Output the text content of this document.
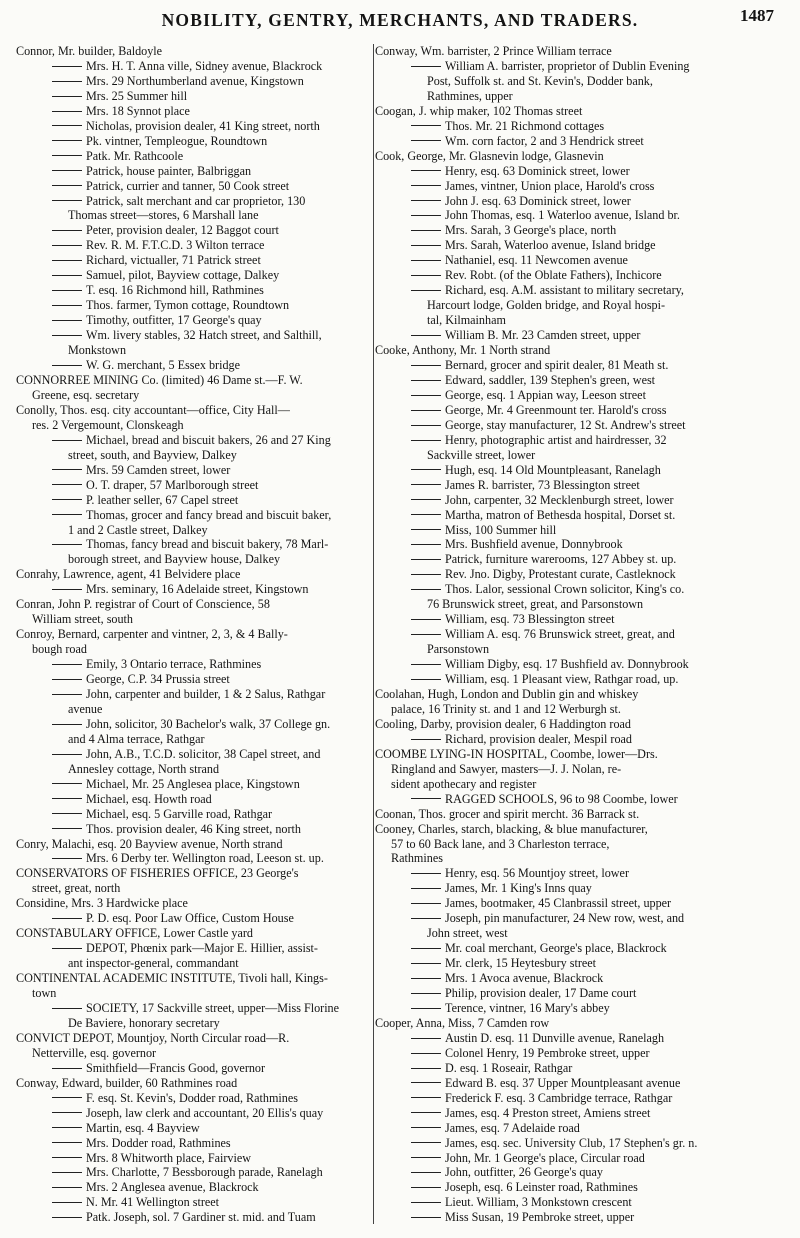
NOBILITY, GENTRY, MERCHANTS, AND TRADERS.	1487
Connor, Mr. builder, Baldoyle
Mrs. H. T. Anna ville, Sidney avenue, Blackrock
Mrs. 29 Northumberland avenue, Kingstown
Mrs. 25 Summer hill
Mrs. 18 Synnot place
Nicholas, provision dealer, 41 King street, north
Pk. vintner, Templeogue, Roundtown
Patk. Mr. Rathcoole
Patrick, house painter, Balbriggan
Patrick, currier and tanner, 50 Cook street
Patrick, salt merchant and car proprietor, 130
Thomas street—stores, 6 Marshall lane
Peter, provision dealer, 12 Baggot court
Rev. R. M. F.T.C.D. 3 Wilton terrace
Richard, victualler, 71 Patrick street
Samuel, pilot, Bayview cottage, Dalkey
T. esq. 16 Richmond hill, Rathmines
Thos. farmer, Tymon cottage, Roundtown
Timothy, outfitter, 17 George's quay
Wm. livery stables, 32 Hatch street, and Salthill,
Monkstown
W. G. merchant, 5 Essex bridge
CONNORREE MINING Co. (limited) 46 Dame st.—F. W.
Greene, esq. secretary
Conolly, Thos. esq. city accountant—office, City Hall—
res. 2 Vergemount, Clonskeagh
Michael, bread and biscuit bakers, 26 and 27 King
street, south, and Bayview, Dalkey
Mrs. 59 Camden street, lower
O. T. draper, 57 Marlborough street
P. leather seller, 67 Capel street
Thomas, grocer and fancy bread and biscuit baker,
1 and 2 Castle street, Dalkey
Thomas, fancy bread and biscuit bakery, 78 Marl-
borough street, and Bayview house, Dalkey
Conrahy, Lawrence, agent, 41 Belvidere place
Mrs. seminary, 16 Adelaide street, Kingstown
Conran, John P. registrar of Court of Conscience, 58
William street, south
Conroy, Bernard, carpenter and vintner, 2, 3, & 4 Bally-
bough road
Emily, 3 Ontario terrace, Rathmines
George, C.P. 34 Prussia street
John, carpenter and builder, 1 & 2 Salus, Rathgar
avenue
John, solicitor, 30 Bachelor's walk, 37 College gn.
and 4 Alma terrace, Rathgar
John, A.B., T.C.D. solicitor, 38 Capel street, and
Annesley cottage, North strand
Michael, Mr. 25 Anglesea place, Kingstown
Michael, esq. Howth road
Michael, esq. 5 Garville road, Rathgar
Thos. provision dealer, 46 King street, north
Conry, Malachi, esq. 20 Bayview avenue, North strand
Mrs. 6 Derby ter. Wellington road, Leeson st. up.
CONSERVATORS OF FISHERIES OFFICE, 23 George's
street, great, north
Considine, Mrs. 3 Hardwicke place
P. D. esq. Poor Law Office, Custom House
CONSTABULARY OFFICE, Lower Castle yard
DEPOT, Phœnix park—Major E. Hillier, assist-
ant inspector-general, commandant
CONTINENTAL ACADEMIC INSTITUTE, Tivoli hall, Kings-
town
SOCIETY, 17 Sackville street, upper—Miss Florine
De Baviere, honorary secretary
CONVICT DEPOT, Mountjoy, North Circular road—R.
Netterville, esq. governor
Smithfield—Francis Good, governor
Conway, Edward, builder, 60 Rathmines road
F. esq. St. Kevin's, Dodder road, Rathmines
Joseph, law clerk and accountant, 20 Ellis's quay
Martin, esq. 4 Bayview
Mrs. Dodder road, Rathmines
Mrs. 8 Whitworth place, Fairview
Mrs. Charlotte, 7 Bessborough parade, Ranelagh
Mrs. 2 Anglesea avenue, Blackrock
N. Mr. 41 Wellington street
Patk. Joseph, sol. 7 Gardiner st. mid. and Tuam
Conway, Wm. barrister, 2 Prince William terrace
William A. barrister, proprietor of Dublin Evening
Post, Suffolk st. and St. Kevin's, Dodder bank,
Rathmines, upper
Coogan, J. whip maker, 102 Thomas street
Thos. Mr. 21 Richmond cottages
Wm. corn factor, 2 and 3 Hendrick street
Cook, George, Mr. Glasnevin lodge, Glasnevin
Henry, esq. 63 Dominick street, lower
James, vintner, Union place, Harold's cross
John J. esq. 63 Dominick street, lower
John Thomas, esq. 1 Waterloo avenue, Island br.
Mrs. Sarah, 3 George's place, north
Mrs. Sarah, Waterloo avenue, Island bridge
Nathaniel, esq. 11 Newcomen avenue
Rev. Robt. (of the Oblate Fathers), Inchicore
Richard, esq. A.M. assistant to military secretary,
Harcourt lodge, Golden bridge, and Royal hospi-
tal, Kilmainham
William B. Mr. 23 Camden street, upper
Cooke, Anthony, Mr. 1 North strand
Bernard, grocer and spirit dealer, 81 Meath st.
Edward, saddler, 139 Stephen's green, west
George, esq. 1 Appian way, Leeson street
George, Mr. 4 Greenmount ter. Harold's cross
George, stay manufacturer, 12 St. Andrew's street
Henry, photographic artist and hairdresser, 32
Sackville street, lower
Hugh, esq. 14 Old Mountpleasant, Ranelagh
James R. barrister, 73 Blessington street
John, carpenter, 32 Mecklenburgh street, lower
Martha, matron of Bethesda hospital, Dorset st.
Miss, 100 Summer hill
Mrs. Bushfield avenue, Donnybrook
Patrick, furniture warerooms, 127 Abbey st. up.
Rev. Jno. Digby, Protestant curate, Castleknock
Thos. Lalor, sessional Crown solicitor, King's co.
76 Brunswick street, great, and Parsonstown
William, esq. 73 Blessington street
William A. esq. 76 Brunswick street, great, and
Parsonstown
William Digby, esq. 17 Bushfield av. Donnybrook
William, esq. 1 Pleasant view, Rathgar road, up.
Coolahan, Hugh, London and Dublin gin and whiskey
palace, 16 Trinity st. and 1 and 12 Werburgh st.
Cooling, Darby, provision dealer, 6 Haddington road
Richard, provision dealer, Mespil road
COOMBE LYING-IN HOSPITAL, Coombe, lower—Drs.
Ringland and Sawyer, masters—J. J. Nolan, re-
sident apothecary and register
RAGGED SCHOOLS, 96 to 98 Coombe, lower
Coonan, Thos. grocer and spirit mercht. 36 Barrack st.
Cooney, Charles, starch, blacking, & blue manufacturer,
57 to 60 Back lane, and 3 Charleston terrace,
Rathmines
Henry, esq. 56 Mountjoy street, lower
James, Mr. 1 King's Inns quay
James, bootmaker, 45 Clanbrassil street, upper
Joseph, pin manufacturer, 24 New row, west, and
John street, west
Mr. coal merchant, George's place, Blackrock
Mr. clerk, 15 Heytesbury street
Mrs. 1 Avoca avenue, Blackrock
Philip, provision dealer, 17 Dame court
Terence, vintner, 16 Mary's abbey
Cooper, Anna, Miss, 7 Camden row
Austin D. esq. 11 Dunville avenue, Ranelagh
Colonel Henry, 19 Pembroke street, upper
D. esq. 1 Roseair, Rathgar
Edward B. esq. 37 Upper Mountpleasant avenue
Frederick F. esq. 3 Cambridge terrace, Rathgar
James, esq. 4 Preston street, Amiens street
James, esq. 7 Adelaide road
James, esq. sec. University Club, 17 Stephen's gr. n.
John, Mr. 1 George's place, Circular road
John, outfitter, 26 George's quay
Joseph, esq. 6 Leinster road, Rathmines
Lieut. William, 3 Monkstown crescent
Miss Susan, 19 Pembroke street, upper
